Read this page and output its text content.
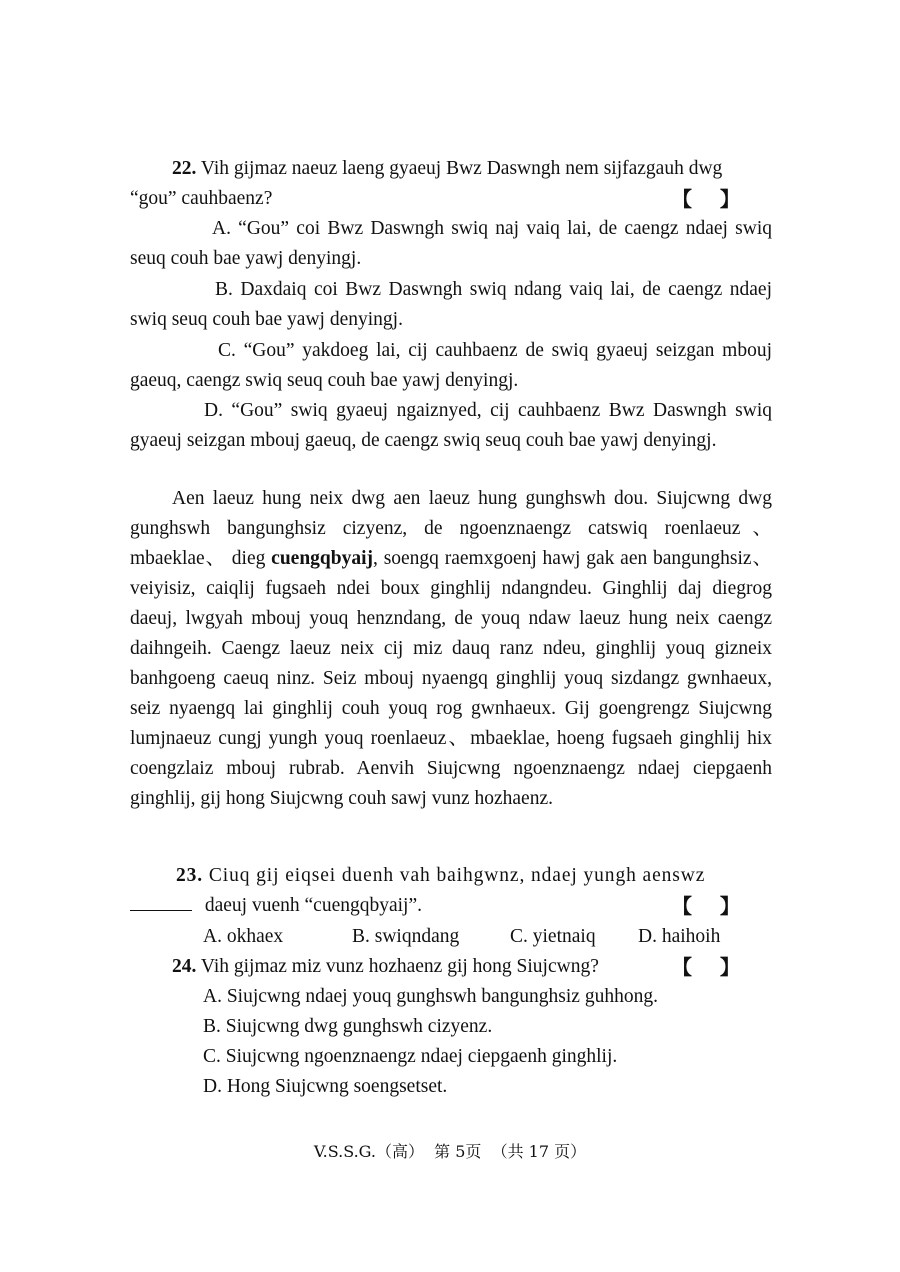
22. Vih gijmaz naeuz laeng gyaeuj Bwz Daswngh nem sijfazgauh dwg
“gou” cauhbaenz?	【    】
A. “Gou” coi Bwz Daswngh swiq naj vaiq lai, de caengz ndaej swiq seuq couh bae yawj denyingj.
B. Daxdaiq coi Bwz Daswngh swiq ndang vaiq lai, de caengz ndaej swiq seuq couh bae yawj denyingj.
C. “Gou” yakdoeg lai, cij cauhbaenz de swiq gyaeuj seizgan mbouj gaeuq, caengz swiq seuq couh bae yawj denyingj.
D. “Gou” swiq gyaeuj ngaiznyed, cij cauhbaenz Bwz Daswngh swiq gyaeuj seizgan mbouj gaeuq, de caengz swiq seuq couh bae yawj denyingj.

Aen laeuz hung neix dwg aen laeuz hung gunghswh dou. Siujcwng dwg gunghswh bangunghsiz cizyenz, de ngoenznaengz catswiq roenlaeuz、mbaeklae、 dieg cuengqbyaij, soengq raemxgoenj hawj gak aen bangunghsiz、 veiyisiz, caiqlij fugsaeh ndei boux ginghlij ndangndeu. Ginghlij daj diegrog daeuj, lwgyah mbouj youq henzndang, de youq ndaw laeuz hung neix caengz daihngeih. Caengz laeuz neix cij miz dauq ranz ndeu, ginghlij youq gizneix banhgoeng caeuq ninz. Seiz mbouj nyaengq ginghlij youq sizdangz gwnhaeux, seiz nyaengq lai ginghlij couh youq rog gwnhaeux. Gij goengrengz Siujcwng lumjnaeuz cungj yungh youq roenlaeuz、mbaeklae, hoeng fugsaeh ginghlij hix coengzlaiz mbouj rubrab. Aenvih Siujcwng ngoenznaengz ndaej ciepgaenh ginghlij, gij hong Siujcwng couh sawj vunz hozhaenz.

23. Ciuq gij eiqsei duenh vah baihgwnz, ndaej yungh aenswz
daeuj vuenh “cuengqbyaij”.	【    】
A. okhaex	B. swiqndang	C. yietnaiq D. haihoih
24. Vih gijmaz miz vunz hozhaenz gij hong Siujcwng?	【    】
A. Siujcwng ndaej youq gunghswh bangunghsiz guhhong.
B. Siujcwng dwg gunghswh cizyenz.
C. Siujcwng ngoenznaengz ndaej ciepgaenh ginghlij.
D. Hong Siujcwng soengsetset.
V.S.S.G.（高）  第 5页  （共 17 页）
